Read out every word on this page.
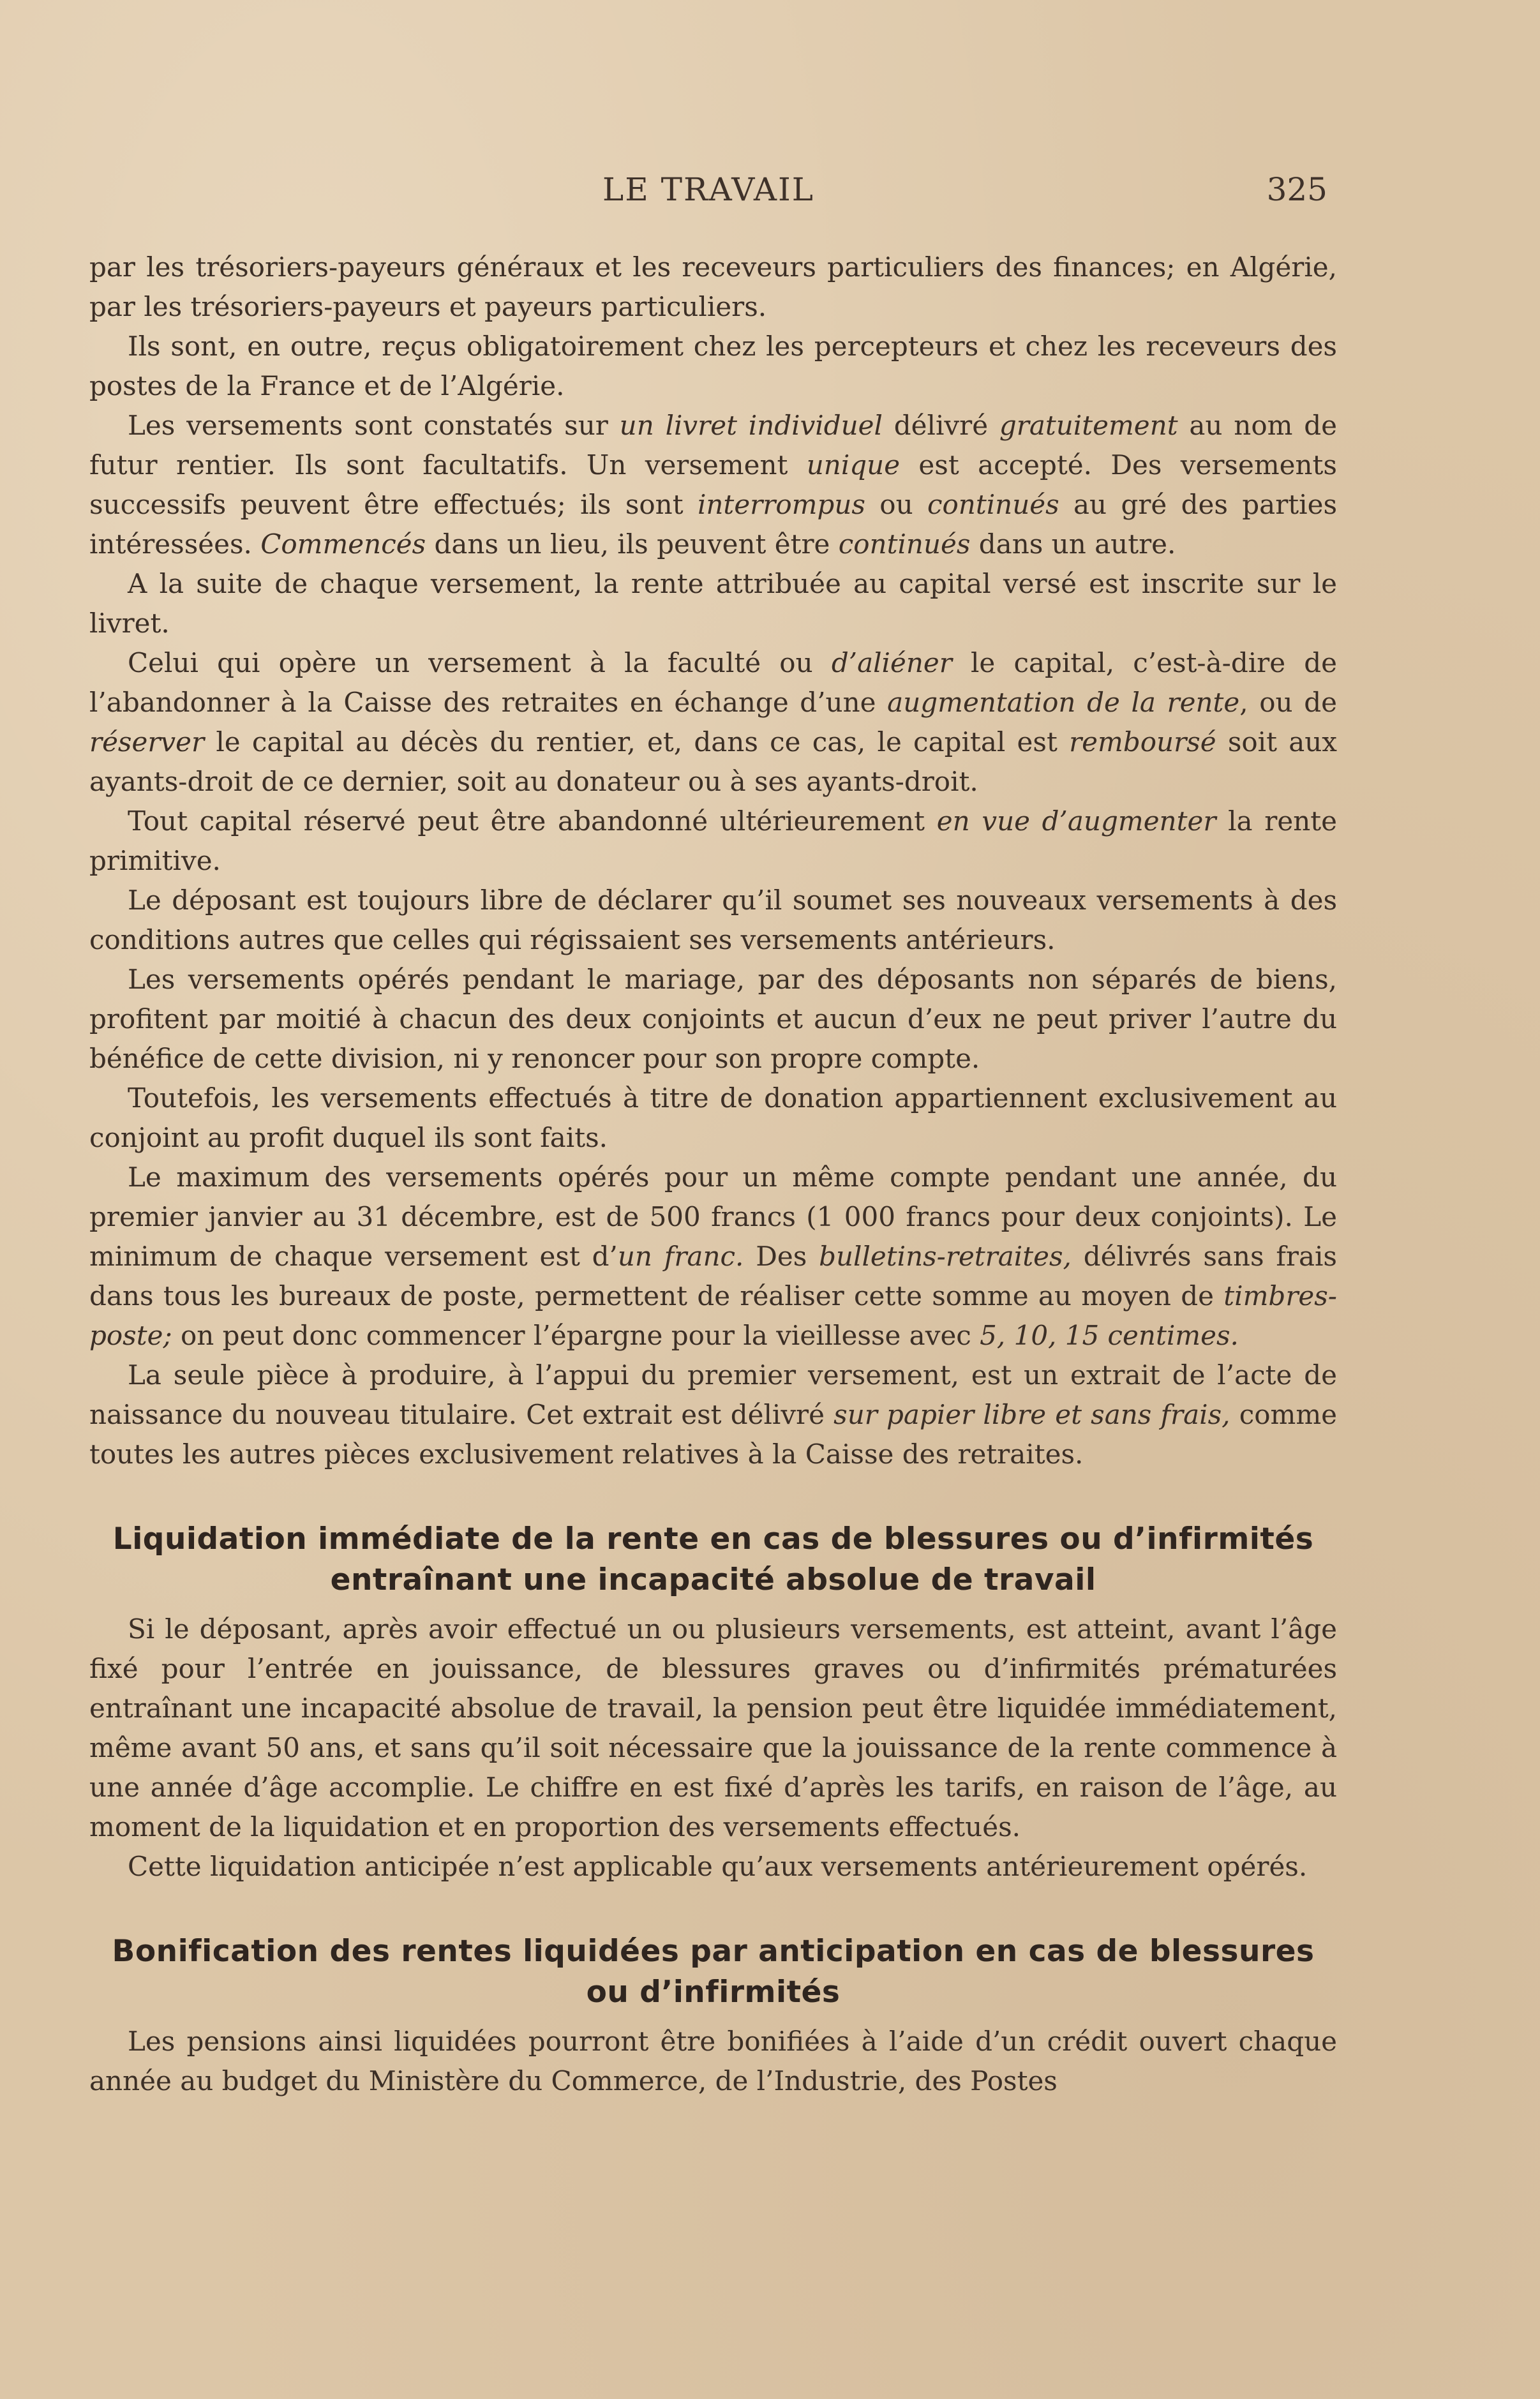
LE TRAVAIL	325

par les trésoriers-payeurs généraux et les receveurs particuliers des finances; en Algérie, par les trésoriers-payeurs et payeurs particuliers.

Ils sont, en outre, reçus obligatoirement chez les percepteurs et chez les receveurs des postes de la France et de l’Algérie.

Les versements sont constatés sur un livret individuel délivré gratuitement au nom de futur rentier. Ils sont facultatifs. Un versement unique est accepté. Des versements successifs peuvent être effectués; ils sont interrompus ou continués au gré des parties intéressées. Commencés dans un lieu, ils peuvent être continués dans un autre.

A la suite de chaque versement, la rente attribuée au capital versé est inscrite sur le livret.

Celui qui opère un versement à la faculté ou d’aliéner le capital, c’est-à-dire de l’abandonner à la Caisse des retraites en échange d’une augmentation de la rente, ou de réserver le capital au décès du rentier, et, dans ce cas, le capital est remboursé soit aux ayants-droit de ce dernier, soit au donateur ou à ses ayants-droit.

Tout capital réservé peut être abandonné ultérieurement en vue d’augmenter la rente primitive.

Le déposant est toujours libre de déclarer qu’il soumet ses nouveaux versements à des conditions autres que celles qui régissaient ses versements antérieurs.

Les versements opérés pendant le mariage, par des déposants non séparés de biens, profitent par moitié à chacun des deux conjoints et aucun d’eux ne peut priver l’autre du bénéfice de cette division, ni y renoncer pour son propre compte.

Toutefois, les versements effectués à titre de donation appartiennent exclusivement au conjoint au profit duquel ils sont faits.

Le maximum des versements opérés pour un même compte pendant une année, du premier janvier au 31 décembre, est de 500 francs (1 000 francs pour deux conjoints). Le minimum de chaque versement est d’un franc. Des bulletins-retraites, délivrés sans frais dans tous les bureaux de poste, permettent de réaliser cette somme au moyen de timbres-poste; on peut donc commencer l’épargne pour la vieillesse avec 5, 10, 15 centimes.

La seule pièce à produire, à l’appui du premier versement, est un extrait de l’acte de naissance du nouveau titulaire. Cet extrait est délivré sur papier libre et sans frais, comme toutes les autres pièces exclusivement relatives à la Caisse des retraites.

Liquidation immédiate de la rente en cas de blessures ou d’infirmités entraînant une incapacité absolue de travail

Si le déposant, après avoir effectué un ou plusieurs versements, est atteint, avant l’âge fixé pour l’entrée en jouissance, de blessures graves ou d’infirmités prématurées entraînant une incapacité absolue de travail, la pension peut être liquidée immédiatement, même avant 50 ans, et sans qu’il soit nécessaire que la jouissance de la rente commence à une année d’âge accomplie. Le chiffre en est fixé d’après les tarifs, en raison de l’âge, au moment de la liquidation et en proportion des versements effectués.

Cette liquidation anticipée n’est applicable qu’aux versements antérieurement opérés.

Bonification des rentes liquidées par anticipation en cas de blessures ou d’infirmités

Les pensions ainsi liquidées pourront être bonifiées à l’aide d’un crédit ouvert chaque année au budget du Ministère du Commerce, de l’Industrie, des Postes
